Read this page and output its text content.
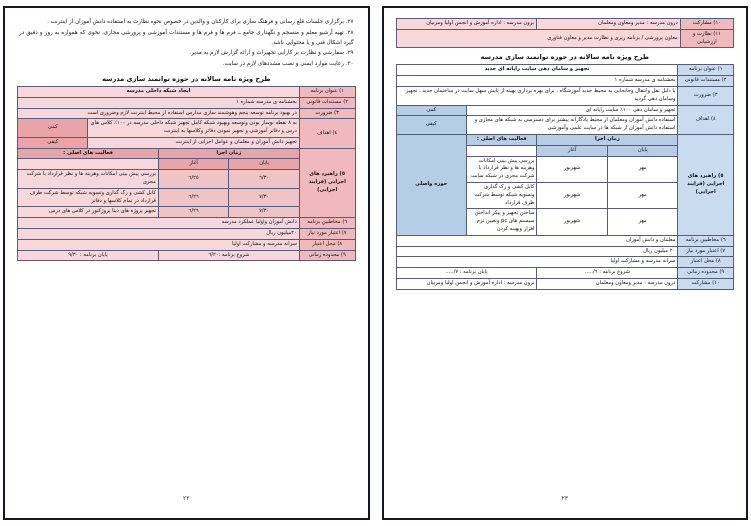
١٠) مشارکت	درون مدرسه : مدیر ومعاون ومعلمان	برون مدرسه : اداره آموزش و انجمن اولیا ومربیان
١١) نظارت و ارزشیابی	معاون پرورشی / برنامه ریزی و نظارت مدیر و معاون فناوری	
طرح ویژه نامه سالانه در حوزه توانمند سازی مدرسه
١) عنوان برنامه	تجهیز و سامان دهی سایت رایانه ای جدید			
٢) مستندات قانونی	بخشنامه ی مدرسه شماره ١			
٣) ضرورت	با دلیل نقل وانتقال وجابجایی به محیط جدید آموزشگاه ، برای بهره برداری بهینه از پایش سهل سایت در ساختمان جدید ، تجهیز وسامان دهی گردید			
٤) اهداف	تجهیز و سامان دهی ١٠٠٪ سایت رایانه ای			کمی
	استفاده دانش آموزان ومعلمان از محیط یادگارانه بیشتر برای دسترسی به شبکه های مجازی و استفاده دانش آموزان از شبکه ها در سایت علمی وآموزشی			کیفی
٥) راهبرد های اجرایی (فرایند اجرایی)	زمان اجرا		فعالیت های اصلی :	حوزه واصلی
	پایان	آغاز		
	مهر	شهریور	بررسی پیش بینی امکانات وهزینه ها و نظر قرارداد با شرکت مجری در شبکه سایت	
	مهر	شهریور	کابل کشی و رک گذاری وتسویه شبکه توسط شرکت طرف قرارداد	
	مهر	شهریور	ساختن تجهیز و پیکر انداختن سیستم های pc وتعیین نرم افزار وبهینه کردن	
٦) مخاطبین برنامه	معلمان و دانش آموزان			
٧) اعتبار مورد نیاز	٢٠ میلیون ریال			
٨) محل اعتبار	سرانه مدرسه و مشارکت اولیا			
٩) محدوده زمانی	شروع برنامه : ٦/.....		پایان برنامه : ٧/.....	
١٠) مشارکت	درون مدرسه : مدیر ومعاون ومعلمان		برون مدرسه : اداره آموزش و انجمن اولیا ومربیان	
٢٣

٢٧. برگزاری جلسات قلع رسانی و فرهنگ سازی برای کارکنان و والدین در خصوص نحوه نظارت به استفاده دانش آموزان از اینترنت .

٢٨. تهیه آرشیو معلم و منسجم و نگهداری جامع ــ فرم ها و فرم ها و مستندات آموزشی و پرورشی مجازی، نحوی که همواره به روز و دقیق در گیرد اشکال فنی و یا محتوایی باشد.

٢٩. سفارشی و نظارت بر کارایی تجهیزات و ارائه گزارش لازم به مدیر.

٣٠. رعایت موارد ایمنی و نصب مشددهای لازم در سایت.

طرح ویژه نامه سالانه در حوزه توانمند سازی مدرسه
١) عنوان برنامه	ایجاد شبکه داخلی مدرسه			
٢) مستندات قانونی	بخشنامه ی مدرسه شماره ١			
٣) ضرورت	در بهبود برنامه توسعه پنجم وهوشمند سازی مدارس استفاده از محیط اینترنت لازم وضروری است			
٤) اهداف	به ٨ نقطه نوساز بودن وتوسعه وبهبود شبکه کامل تجهیز شبکه داخلی مدرسه در ١٠٠٪ کلاس های درس و دفاتر آموزشی و تجهیز نمودن دفاتر وکلاسها به اینترنت			کمی
	تجهیز دانش آموزان و معلمان و عوامل اجرایی از اینترنت			کیفی
٥) راهبرد های اجرایی (فرایند اجرایی)	زمان اجرا		فعالیت های اصلی :	
	پایان	آغاز		
	٦/٣٠	٦/٢٥	بررسی پیش بینی امکانات وهزینه ها و نظر قرارداد با شرکت مجری	
	٧/٣٠	٦/٢٦	کابل کشی و رک گذاری وتسویه شبکه توسط شرکت طرف قرارداد در تمام کلاسها و دفاتر	
	٧/٣٠	٦/٢٦	تجهیز پروژه های دیتا پروژکتور در کلاس های درس	
٦) مخاطبین برنامه	دانش آموزان واولیا عملکرد مدرسه			
٧) اعتبار مورد نیاز	٢٠میلیون ریال			
٨) محل اعتبار	سرانه مدرسه و مشارکت اولیا			
٩) محدوده زمانی	شروع برنامه :٦/٢٠		پایان برنامه : ٩/٣٠	
٢٢
